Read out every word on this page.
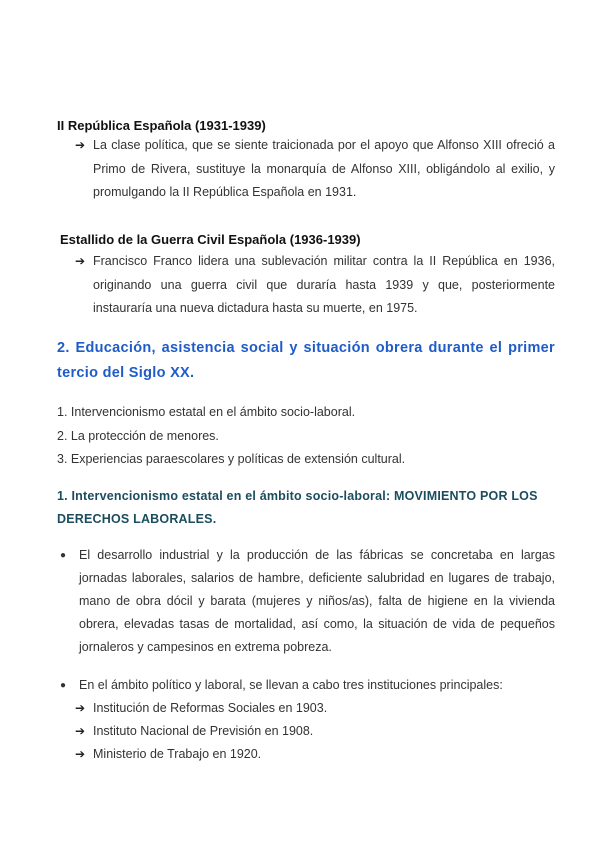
II República Española (1931-1939)
➔ La clase política, que se siente traicionada por el apoyo que Alfonso XIII ofreció a Primo de Rivera, sustituye la monarquía de Alfonso XIII, obligándolo al exilio, y promulgando la II República Española en 1931.
Estallido de la Guerra Civil Española (1936-1939)
➔ Francisco Franco lidera una sublevación militar contra la II República en 1936, originando una guerra civil que duraría hasta 1939 y que, posteriormente instauraría una nueva dictadura hasta su muerte, en 1975.
2. Educación, asistencia social y situación obrera durante el primer tercio del Siglo XX.
1. Intervencionismo estatal en el ámbito socio-laboral.
2. La protección de menores.
3. Experiencias paraescolares y políticas de extensión cultural.
1. Intervencionismo estatal en el ámbito socio-laboral: MOVIMIENTO POR LOS DERECHOS LABORALES.
●	El desarrollo industrial y la producción de las fábricas se concretaba en largas jornadas laborales, salarios de hambre, deficiente salubridad en lugares de trabajo, mano de obra dócil y barata (mujeres y niños/as), falta de higiene en la vivienda obrera, elevadas tasas de mortalidad, así como, la situación de vida de pequeños jornaleros y campesinos en extrema pobreza.
●	En el ámbito político y laboral, se llevan a cabo tres instituciones principales:
➔ Institución de Reformas Sociales en 1903.
➔ Instituto Nacional de Previsión en 1908.
➔ Ministerio de Trabajo en 1920.
